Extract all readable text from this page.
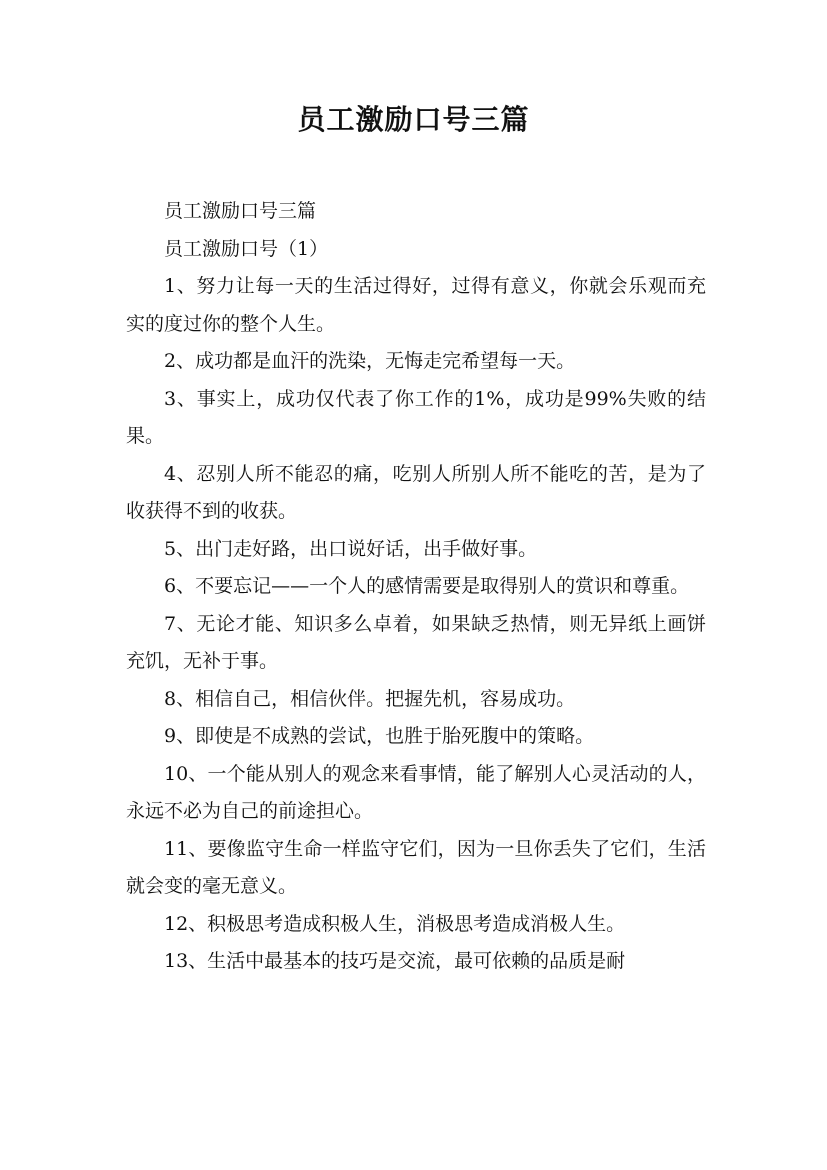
员工激励口号三篇

员工激励口号三篇

员工激励口号（1）

1、努力让每一天的生活过得好，过得有意义，你就会乐观而充实的度过你的整个人生。

2、成功都是血汗的洗染，无悔走完希望每一天。

3、事实上，成功仅代表了你工作的1%，成功是99%失败的结果。

4、忍别人所不能忍的痛，吃别人所别人所不能吃的苦，是为了收获得不到的收获。

5、出门走好路，出口说好话，出手做好事。

6、不要忘记——一个人的感情需要是取得别人的赏识和尊重。

7、无论才能、知识多么卓着，如果缺乏热情，则无异纸上画饼充饥，无补于事。

8、相信自己，相信伙伴。把握先机，容易成功。

9、即使是不成熟的尝试，也胜于胎死腹中的策略。

10、一个能从别人的观念来看事情，能了解别人心灵活动的人，永远不必为自己的前途担心。

11、要像监守生命一样监守它们，因为一旦你丢失了它们，生活就会变的毫无意义。

12、积极思考造成积极人生，消极思考造成消极人生。

13、生活中最基本的技巧是交流，最可依赖的品质是耐
